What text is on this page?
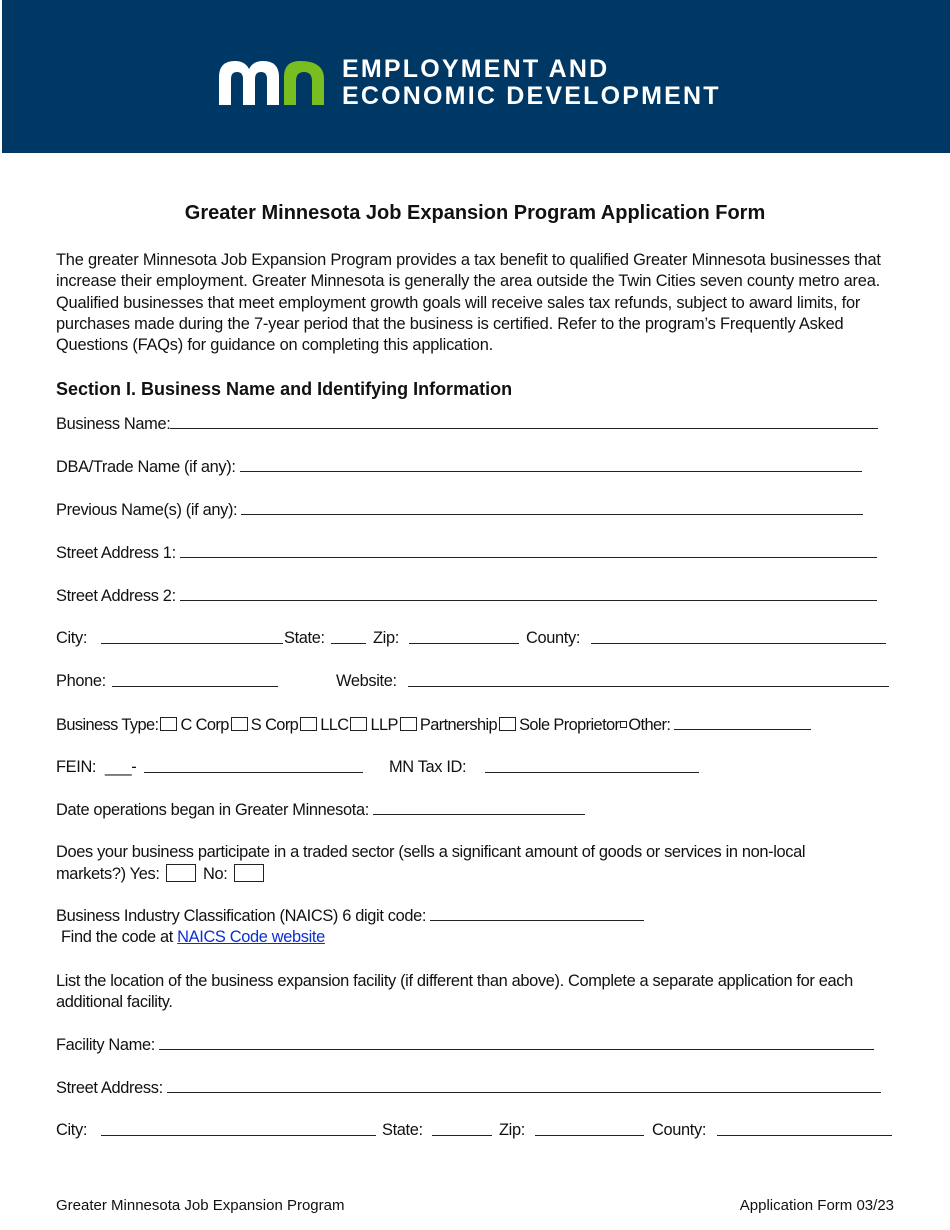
EMPLOYMENT AND
ECONOMIC DEVELOPMENT
Greater Minnesota Job Expansion Program Application Form

The greater Minnesota Job Expansion Program provides a tax benefit to qualified Greater Minnesota businesses that increase their employment. Greater Minnesota is generally the area outside the Twin Cities seven county metro area. Qualified businesses that meet employment growth goals will receive sales tax refunds, subject to award limits, for purchases made during the 7-year period that the business is certified. Refer to the program’s Frequently Asked Questions (FAQs) for guidance on completing this application.

Section I. Business Name and Identifying Information
Business Name:
DBA/Trade Name (if any):
Previous Name(s) (if any):
Street Address 1:
Street Address 2:
City:	State:	Zip:	County:
Phone:	Website:
Business Type: C Corp S Corp LLC LLP Partnership Sole Proprietor Other:
FEIN: ___-	MN Tax ID:
Date operations began in Greater Minnesota:
Does your business participate in a traded sector (sells a significant amount of goods or services in non-local
markets?) Yes:	No:
Business Industry Classification (NAICS) 6 digit code:
Find the code at NAICS Code website
List the location of the business expansion facility (if different than above). Complete a separate application for each additional facility.
Facility Name:
Street Address:
City:	State:	Zip:	County:
Greater Minnesota Job Expansion Program	Application Form 03/23
